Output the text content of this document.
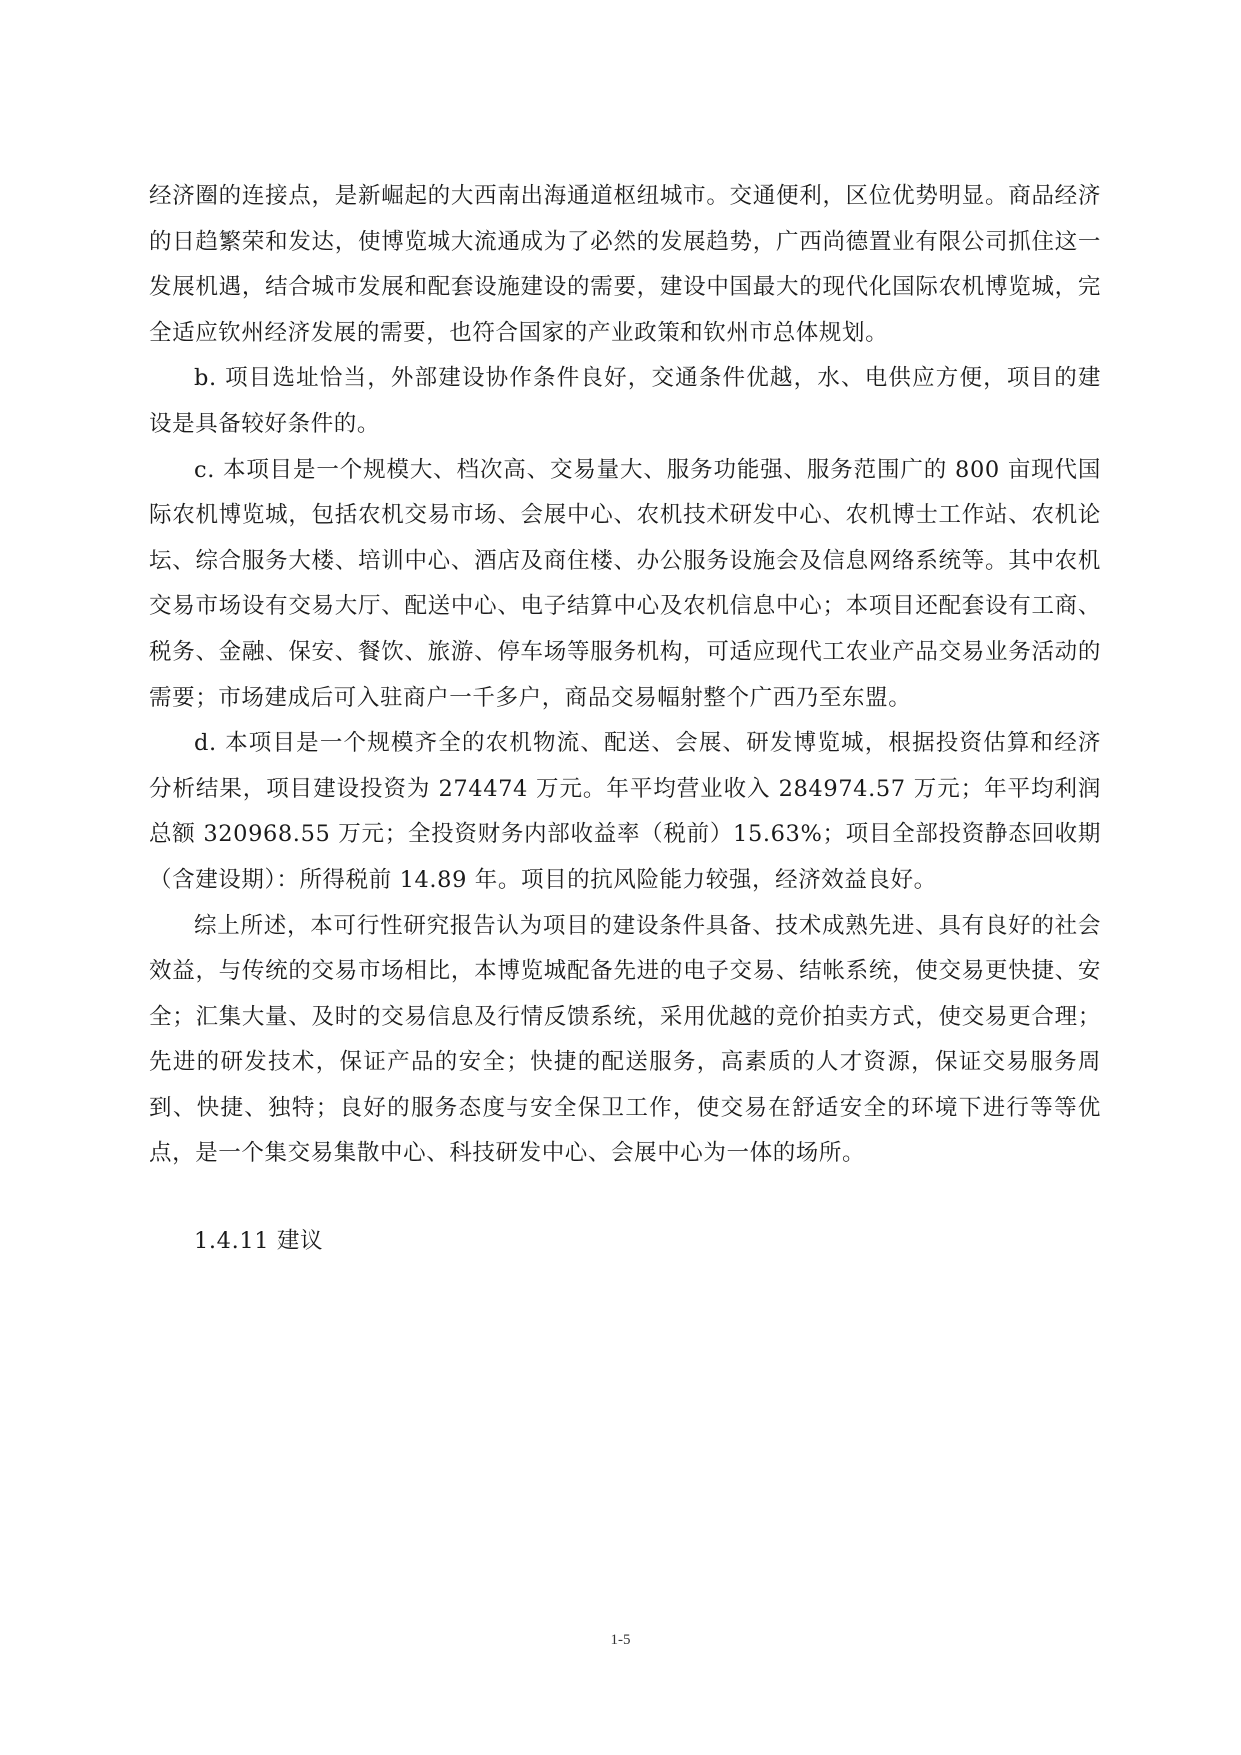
经济圈的连接点，是新崛起的大西南出海通道枢纽城市。交通便利，区位优势明显。商品经济的日趋繁荣和发达，使博览城大流通成为了必然的发展趋势，广西尚德置业有限公司抓住这一发展机遇，结合城市发展和配套设施建设的需要，建设中国最大的现代化国际农机博览城，完全适应钦州经济发展的需要，也符合国家的产业政策和钦州市总体规划。

b. 项目选址恰当，外部建设协作条件良好，交通条件优越，水、电供应方便，项目的建设是具备较好条件的。

c. 本项目是一个规模大、档次高、交易量大、服务功能强、服务范围广的 800 亩现代国际农机博览城，包括农机交易市场、会展中心、农机技术研发中心、农机博士工作站、农机论坛、综合服务大楼、培训中心、酒店及商住楼、办公服务设施会及信息网络系统等。其中农机交易市场设有交易大厅、配送中心、电子结算中心及农机信息中心；本项目还配套设有工商、税务、金融、保安、餐饮、旅游、停车场等服务机构，可适应现代工农业产品交易业务活动的需要；市场建成后可入驻商户一千多户，商品交易幅射整个广西乃至东盟。

d. 本项目是一个规模齐全的农机物流、配送、会展、研发博览城，根据投资估算和经济分析结果，项目建设投资为 274474 万元。年平均营业收入 284974.57 万元；年平均利润总额 320968.55 万元；全投资财务内部收益率（税前）15.63%；项目全部投资静态回收期（含建设期）：所得税前 14.89 年。项目的抗风险能力较强，经济效益良好。

综上所述，本可行性研究报告认为项目的建设条件具备、技术成熟先进、具有良好的社会效益，与传统的交易市场相比，本博览城配备先进的电子交易、结帐系统，使交易更快捷、安全；汇集大量、及时的交易信息及行情反馈系统，采用优越的竞价拍卖方式，使交易更合理；先进的研发技术，保证产品的安全；快捷的配送服务，高素质的人才资源，保证交易服务周到、快捷、独特；良好的服务态度与安全保卫工作，使交易在舒适安全的环境下进行等等优点，是一个集交易集散中心、科技研发中心、会展中心为一体的场所。

1.4.11 建议
1-5
